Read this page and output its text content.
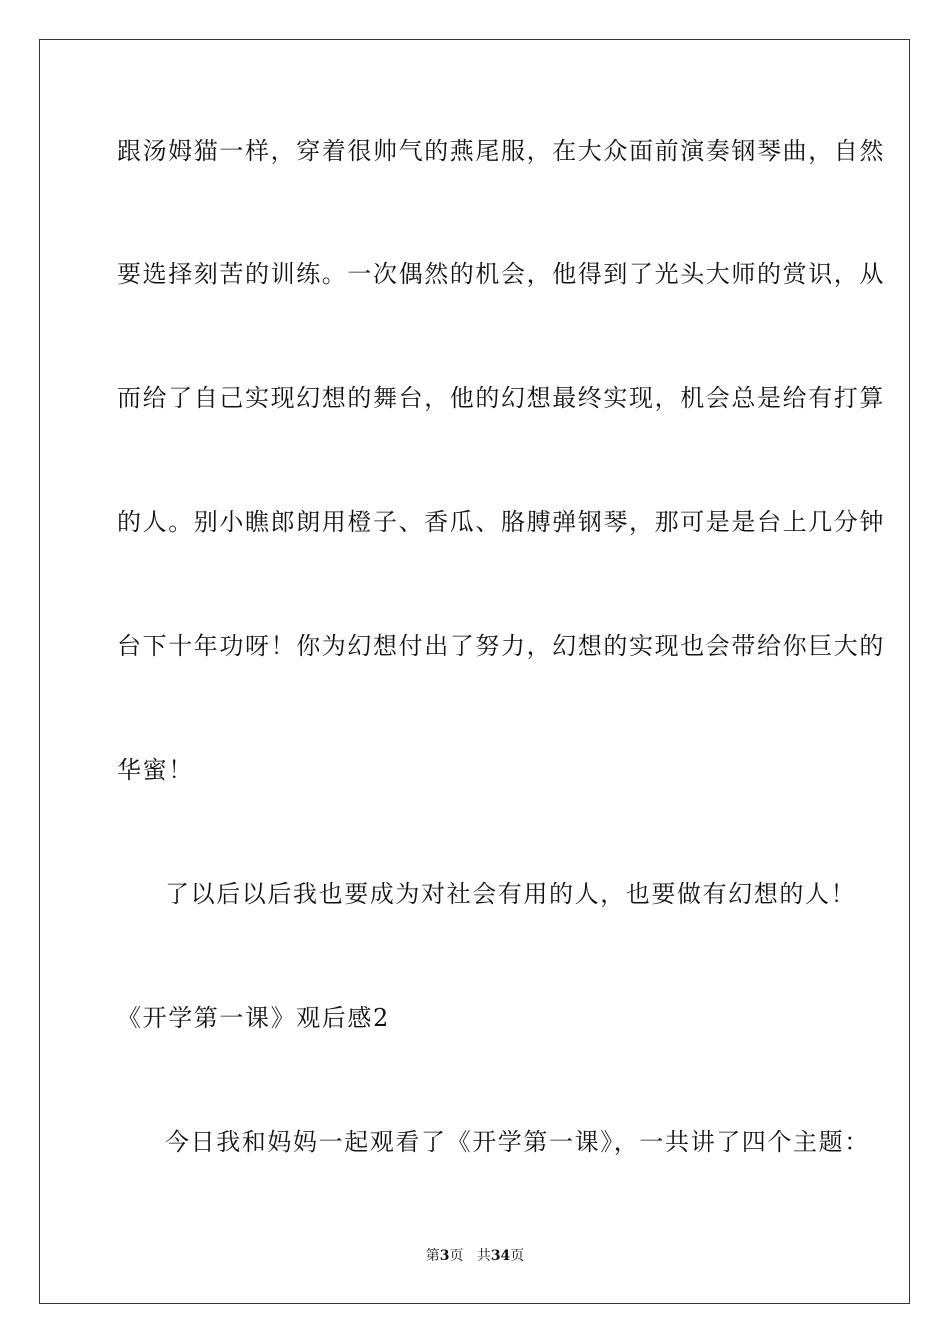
跟汤姆猫一样，穿着很帅气的燕尾服，在大众面前演奏钢琴曲，自然
要选择刻苦的训练。一次偶然的机会，他得到了光头大师的赏识，从
而给了自己实现幻想的舞台，他的幻想最终实现，机会总是给有打算
的人。别小瞧郎朗用橙子、香瓜、胳膊弹钢琴，那可是是台上几分钟
台下十年功呀！你为幻想付出了努力，幻想的实现也会带给你巨大的
华蜜！
了以后以后我也要成为对社会有用的人，也要做有幻想的人！
《开学第一课》观后感2
今日我和妈妈一起观看了《开学第一课》，一共讲了四个主题：
第3页 共34页
